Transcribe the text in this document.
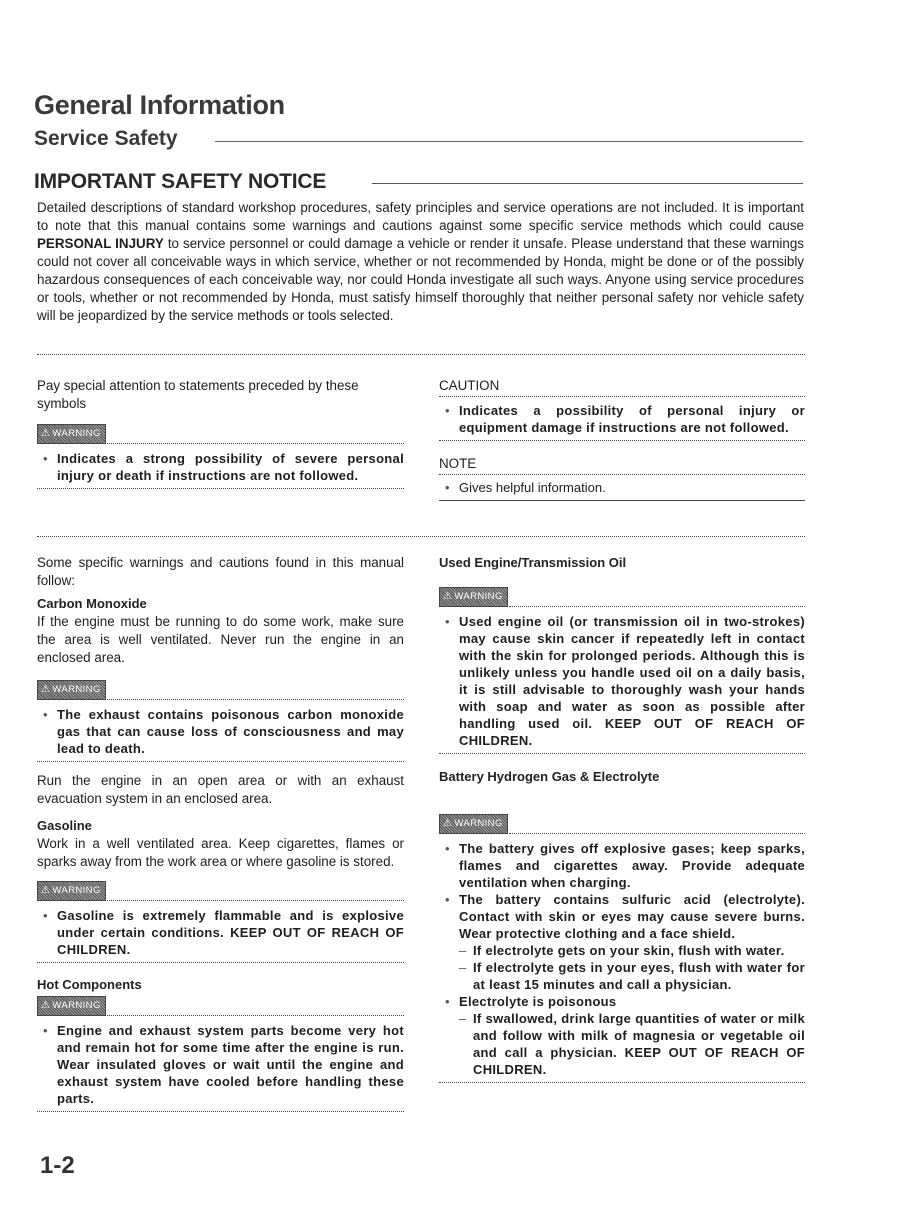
General Information
Service Safety
IMPORTANT SAFETY NOTICE

Detailed descriptions of standard workshop procedures, safety principles and service operations are not included. It is important to note that this manual contains some warnings and cautions against some specific service methods which could cause PERSONAL INJURY to service personnel or could damage a vehicle or render it unsafe. Please understand that these warnings could not cover all conceivable ways in which service, whether or not recommended by Honda, might be done or of the possibly hazardous consequences of each conceivable way, nor could Honda investigate all such ways. Anyone using service procedures or tools, whether or not recommended by Honda, must satisfy himself thoroughly that neither personal safety nor vehicle safety will be jeopardized by the service methods or tools selected.

Pay special attention to statements preceded by these symbols

⚠ WARNING
• Indicates a strong possibility of severe personal injury or death if instructions are not followed.

CAUTION

• Indicates a possibility of personal injury or equipment damage if instructions are not followed.

NOTE

• Gives helpful information.

Some specific warnings and cautions found in this manual follow:

Carbon Monoxide

If the engine must be running to do some work, make sure the area is well ventilated. Never run the engine in an enclosed area.

⚠ WARNING
• The exhaust contains poisonous carbon monoxide gas that can cause loss of consciousness and may lead to death.

Run the engine in an open area or with an exhaust evacuation system in an enclosed area.

Gasoline

Work in a well ventilated area. Keep cigarettes, flames or sparks away from the work area or where gasoline is stored.

⚠ WARNING
• Gasoline is extremely flammable and is explosive under certain conditions. KEEP OUT OF REACH OF CHILDREN.

Hot Components

⚠ WARNING
• Engine and exhaust system parts become very hot and remain hot for some time after the engine is run. Wear insulated gloves or wait until the engine and exhaust system have cooled before handling these parts.

Used Engine/Transmission Oil

⚠ WARNING
• Used engine oil (or transmission oil in two-strokes) may cause skin cancer if repeatedly left in contact with the skin for prolonged periods. Although this is unlikely unless you handle used oil on a daily basis, it is still advisable to thoroughly wash your hands with soap and water as soon as possible after handling used oil. KEEP OUT OF REACH OF CHILDREN.

Battery Hydrogen Gas & Electrolyte

⚠ WARNING
• The battery gives off explosive gases; keep sparks, flames and cigarettes away. Provide adequate ventilation when charging.
• The battery contains sulfuric acid (electrolyte). Contact with skin or eyes may cause severe burns. Wear protective clothing and a face shield.
– If electrolyte gets on your skin, flush with water.
– If electrolyte gets in your eyes, flush with water for at least 15 minutes and call a physician.
• Electrolyte is poisonous
– If swallowed, drink large quantities of water or milk and follow with milk of magnesia or vegetable oil and call a physician. KEEP OUT OF REACH OF CHILDREN.
1-2
